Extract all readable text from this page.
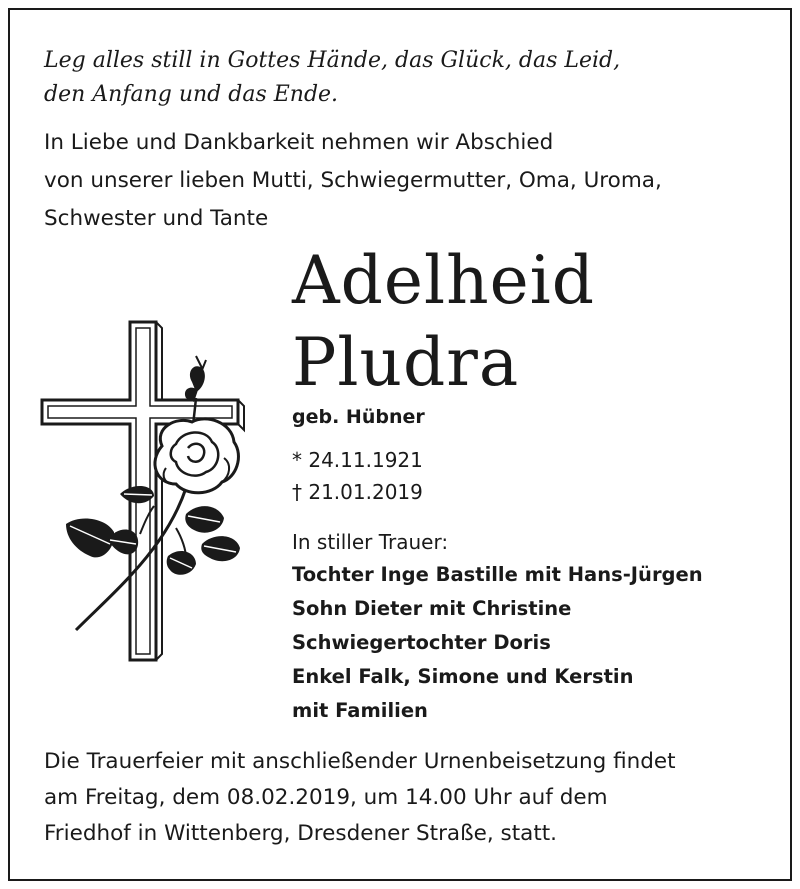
Leg alles still in Gottes Hände, das Glück, das Leid,
den Anfang und das Ende.
In Liebe und Dankbarkeit nehmen wir Abschied
von unserer lieben Mutti, Schwiegermutter, Oma, Uroma,
Schwester und Tante
Adelheid
Pludra
geb. Hübner
* 24.11.1921
† 21.01.2019
In stiller Trauer:
Tochter Inge Bastille mit Hans-Jürgen
Sohn Dieter mit Christine
Schwiegertochter Doris
Enkel Falk, Simone und Kerstin
mit Familien
Die Trauerfeier mit anschließender Urnenbeisetzung findet
am Freitag, dem 08.02.2019, um 14.00 Uhr auf dem
Friedhof in Wittenberg, Dresdener Straße, statt.
